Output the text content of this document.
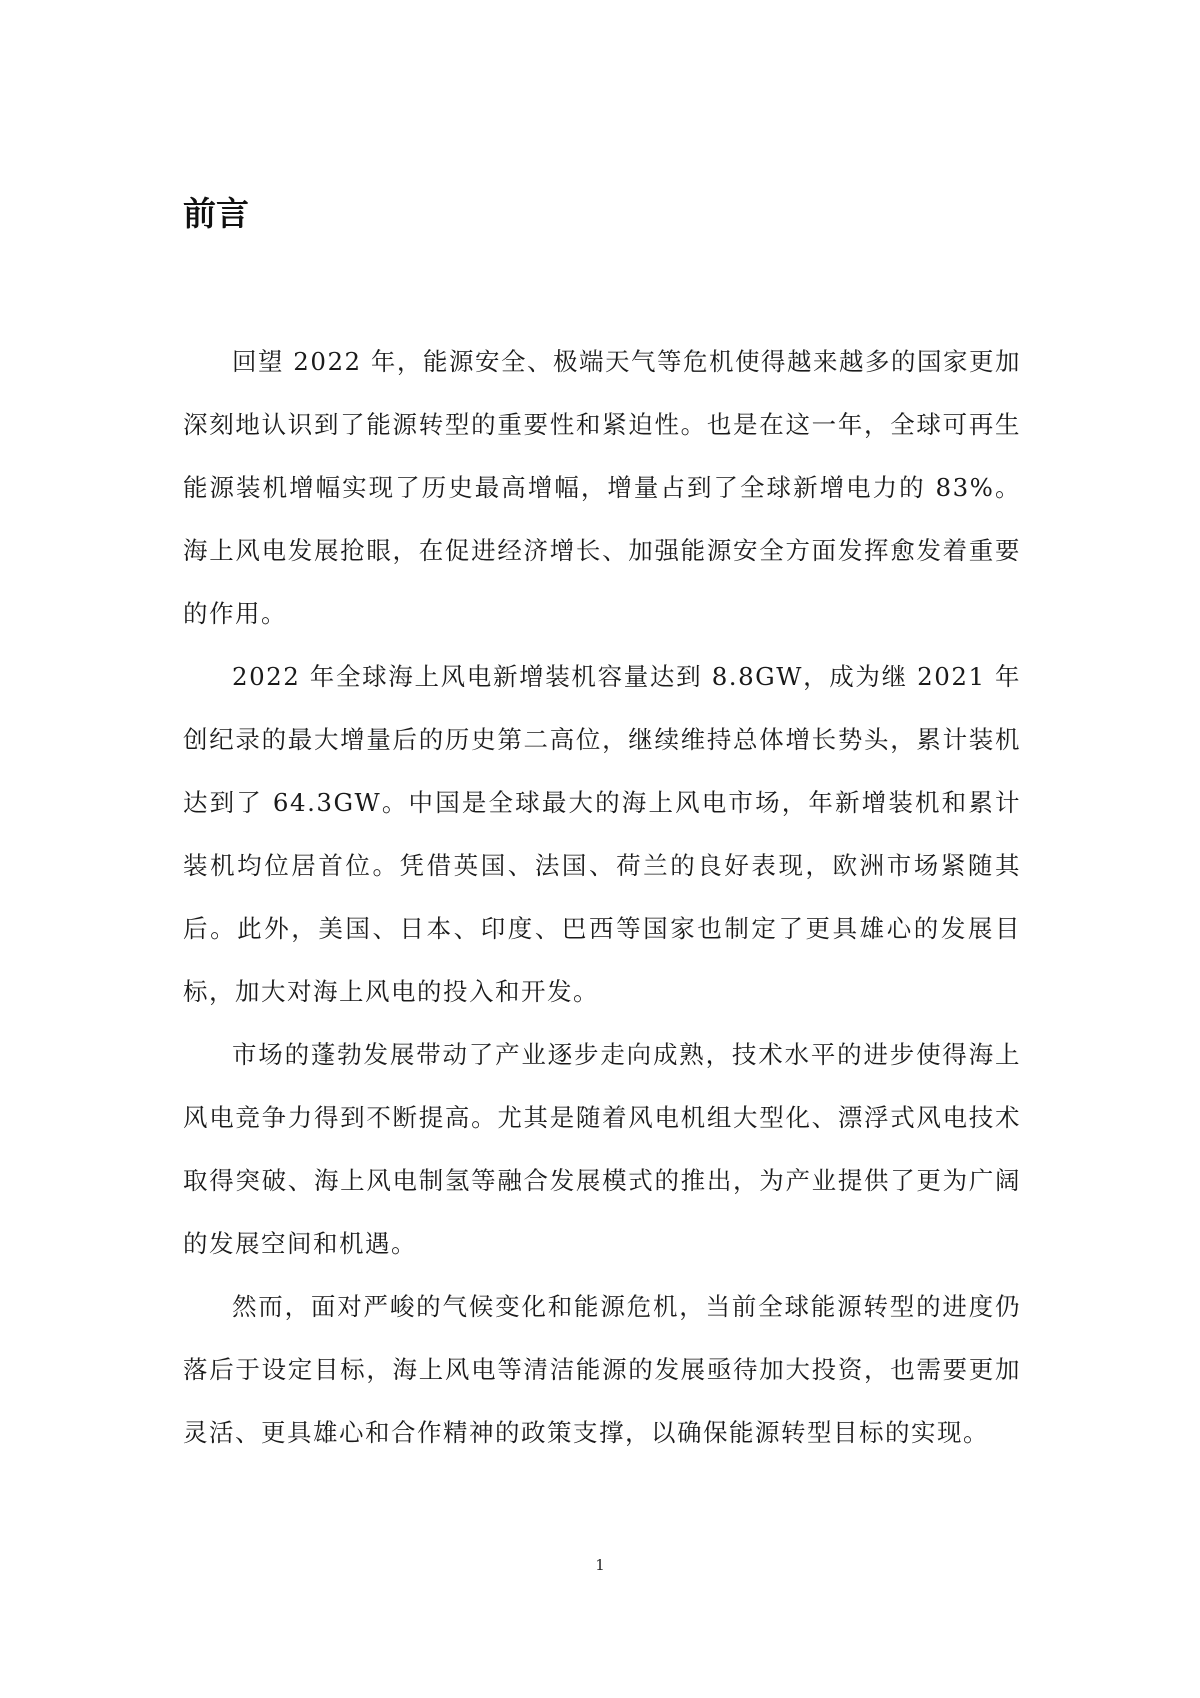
前言

回望 2022 年，能源安全、极端天气等危机使得越来越多的国家更加深刻地认识到了能源转型的重要性和紧迫性。也是在这一年，全球可再生能源装机增幅实现了历史最高增幅，增量占到了全球新增电力的 83%。海上风电发展抢眼，在促进经济增长、加强能源安全方面发挥愈发着重要的作用。

2022 年全球海上风电新增装机容量达到 8.8GW，成为继 2021 年创纪录的最大增量后的历史第二高位，继续维持总体增长势头，累计装机达到了 64.3GW。中国是全球最大的海上风电市场，年新增装机和累计装机均位居首位。凭借英国、法国、荷兰的良好表现，欧洲市场紧随其后。此外，美国、日本、印度、巴西等国家也制定了更具雄心的发展目标，加大对海上风电的投入和开发。

市场的蓬勃发展带动了产业逐步走向成熟，技术水平的进步使得海上风电竞争力得到不断提高。尤其是随着风电机组大型化、漂浮式风电技术取得突破、海上风电制氢等融合发展模式的推出，为产业提供了更为广阔的发展空间和机遇。

然而，面对严峻的气候变化和能源危机，当前全球能源转型的进度仍落后于设定目标，海上风电等清洁能源的发展亟待加大投资，也需要更加灵活、更具雄心和合作精神的政策支撑，以确保能源转型目标的实现。

1
